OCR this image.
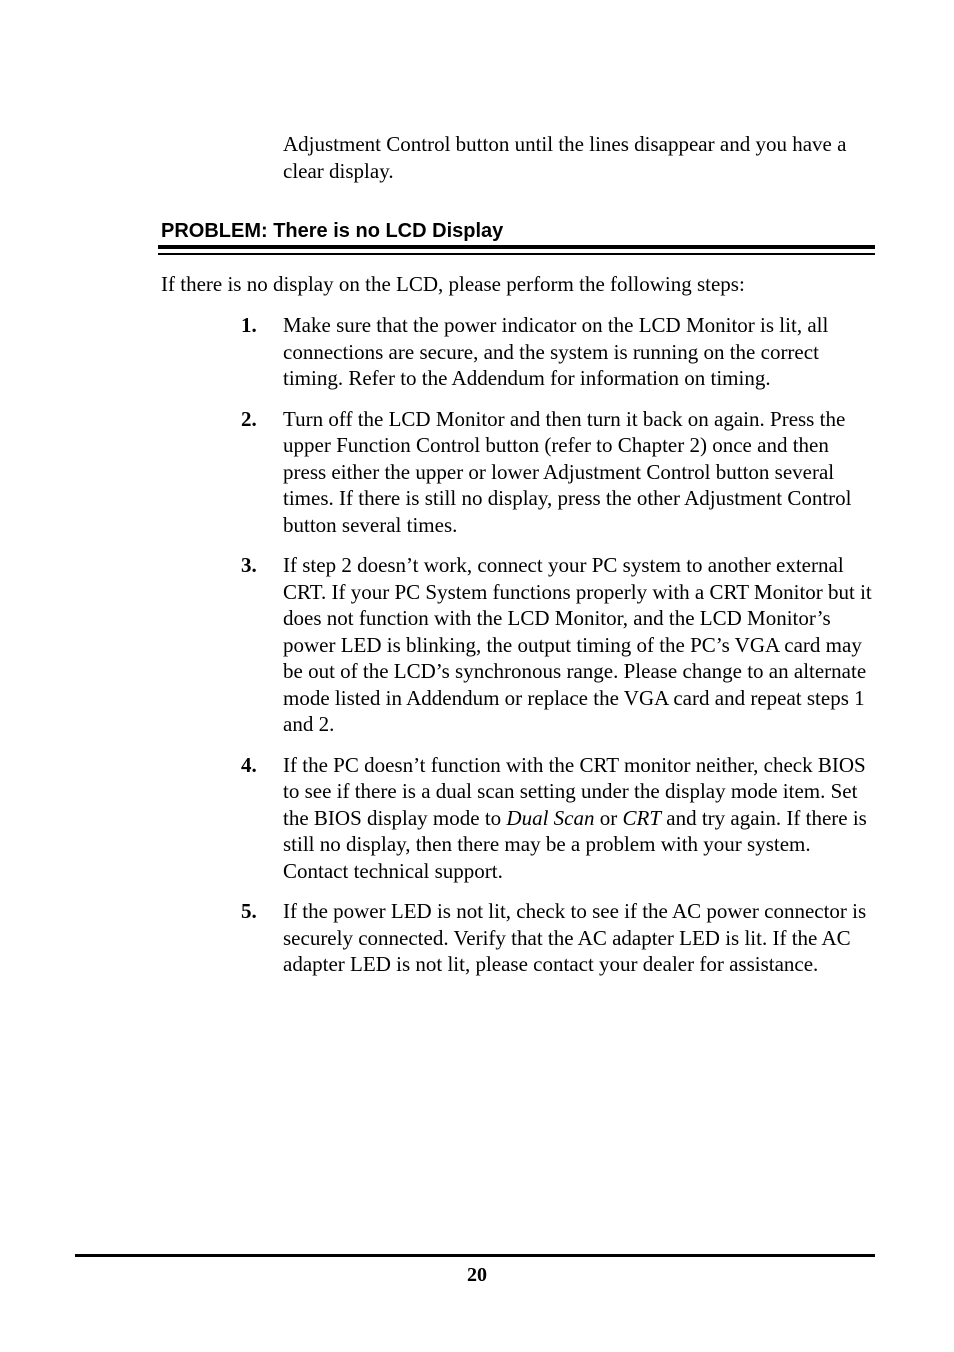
Adjustment Control button until the lines disappear and you have a clear display.

PROBLEM: There is no LCD Display

If there is no display on the LCD, please perform the following steps:

1.	Make sure that the power indicator on the LCD Monitor is lit, all connections are secure, and the system is running on the correct timing. Refer to the Addendum for information on timing.
2.	Turn off the LCD Monitor and then turn it back on again. Press the upper Function Control button (refer to Chapter 2) once and then press either the upper or lower Adjustment Control button several times. If there is still no display, press the other Adjustment Control button several times.
3.	If step 2 doesn’t work, connect your PC system to another external CRT. If your PC System functions properly with a CRT Monitor but it does not function with the LCD Monitor, and the LCD Monitor’s power LED is blinking, the output timing of the PC’s VGA card may be out of the LCD’s synchronous range. Please change to an alternate mode listed in Addendum or replace the VGA card and repeat steps 1 and 2.
4.	If the PC doesn’t function with the CRT monitor neither, check BIOS to see if there is a dual scan setting under the display mode item. Set the BIOS display mode to Dual Scan or CRT and try again. If there is still no display, then there may be a problem with your system. Contact technical support.
5.	If the power LED is not lit, check to see if the AC power connector is securely connected. Verify that the AC adapter LED is lit. If the AC adapter LED is not lit, please contact your dealer for assistance.

20
